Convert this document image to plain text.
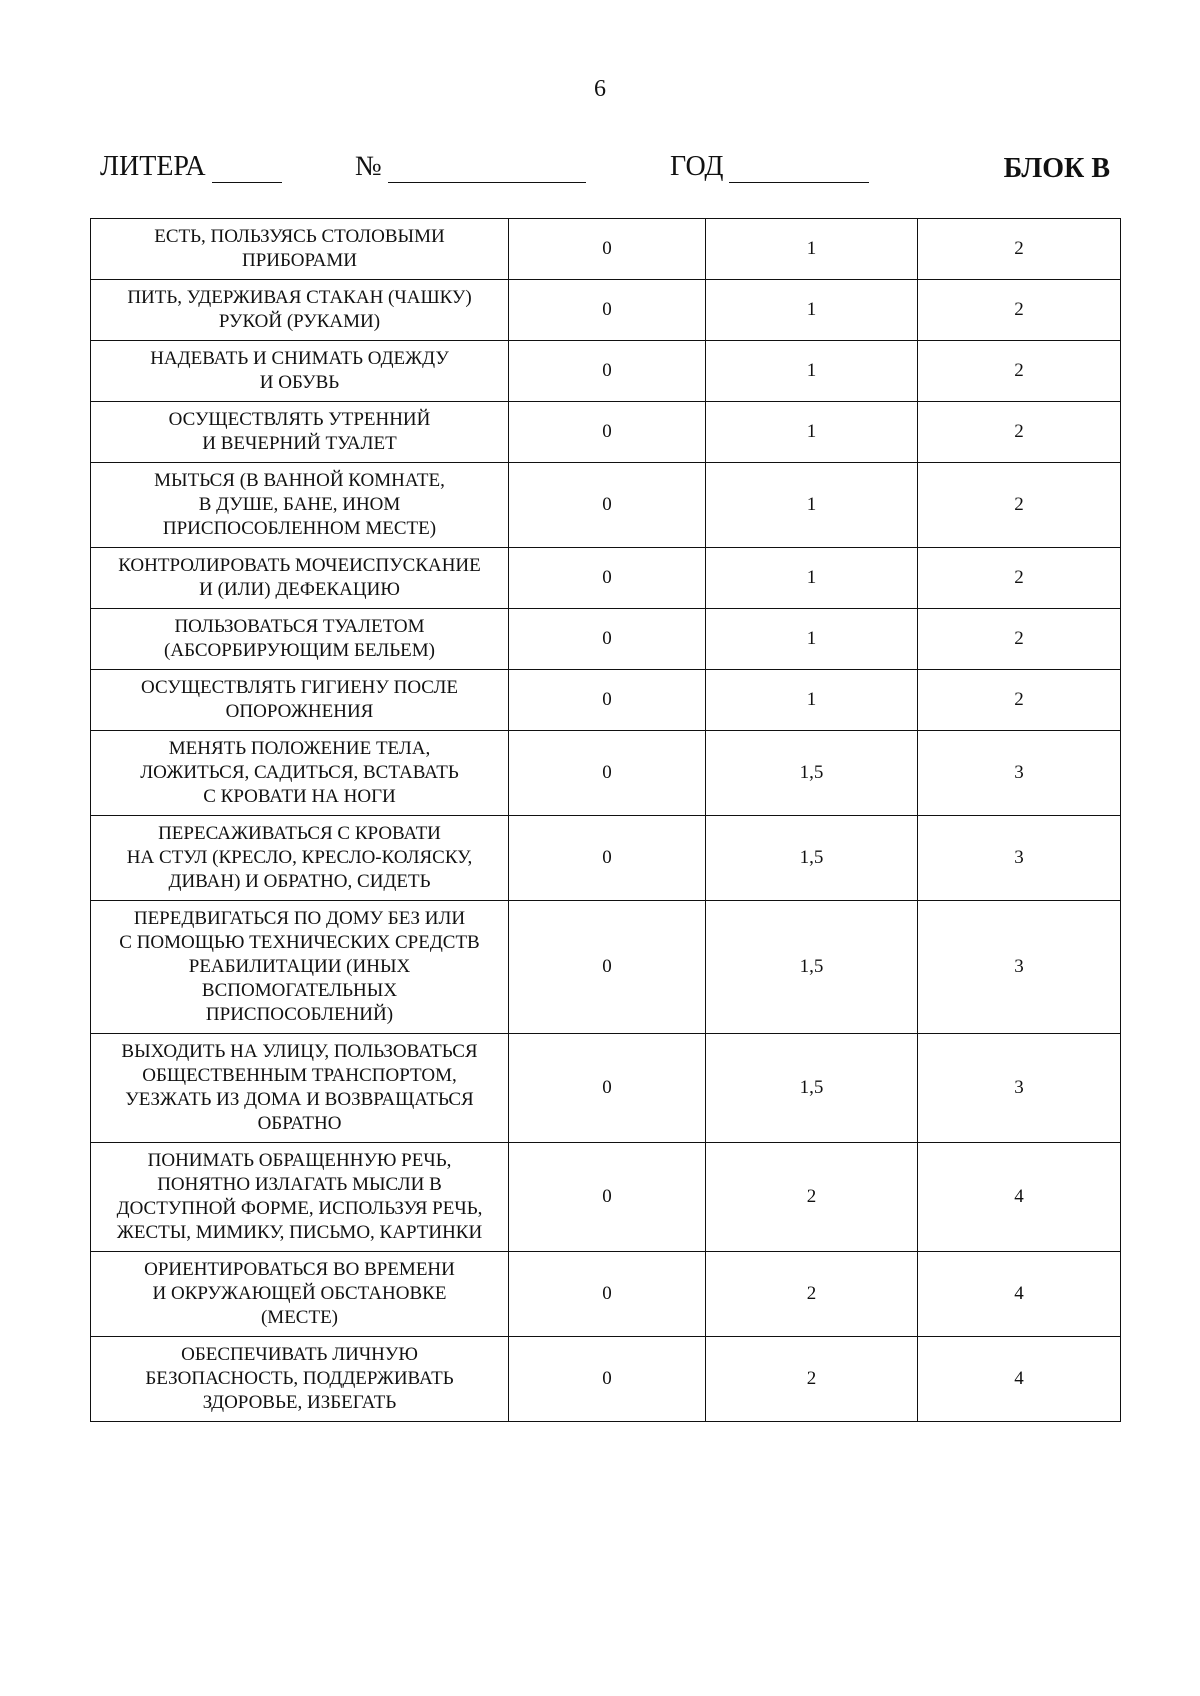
6
ЛИТЕРА	№	ГОД	БЛОК В
ЕСТЬ, ПОЛЬЗУЯСЬ СТОЛОВЫМИ
ПРИБОРАМИ	0	1	2
ПИТЬ, УДЕРЖИВАЯ СТАКАН (ЧАШКУ)
РУКОЙ (РУКАМИ)	0	1	2
НАДЕВАТЬ И СНИМАТЬ ОДЕЖДУ
И ОБУВЬ	0	1	2
ОСУЩЕСТВЛЯТЬ УТРЕННИЙ
И ВЕЧЕРНИЙ ТУАЛЕТ	0	1	2
МЫТЬСЯ (В ВАННОЙ КОМНАТЕ,
В ДУШЕ, БАНЕ, ИНОМ
ПРИСПОСОБЛЕННОМ МЕСТЕ)	0	1	2
КОНТРОЛИРОВАТЬ МОЧЕИСПУСКАНИЕ
И (ИЛИ) ДЕФЕКАЦИЮ	0	1	2
ПОЛЬЗОВАТЬСЯ ТУАЛЕТОМ
(АБСОРБИРУЮЩИМ БЕЛЬЕМ)	0	1	2
ОСУЩЕСТВЛЯТЬ ГИГИЕНУ ПОСЛЕ
ОПОРОЖНЕНИЯ	0	1	2
МЕНЯТЬ ПОЛОЖЕНИЕ ТЕЛА,
ЛОЖИТЬСЯ, САДИТЬСЯ, ВСТАВАТЬ
С КРОВАТИ НА НОГИ	0	1,5	3
ПЕРЕСАЖИВАТЬСЯ С КРОВАТИ
НА СТУЛ (КРЕСЛО, КРЕСЛО-КОЛЯСКУ,
ДИВАН) И ОБРАТНО, СИДЕТЬ	0	1,5	3
ПЕРЕДВИГАТЬСЯ ПО ДОМУ БЕЗ ИЛИ
С ПОМОЩЬЮ ТЕХНИЧЕСКИХ СРЕДСТВ
РЕАБИЛИТАЦИИ (ИНЫХ
ВСПОМОГАТЕЛЬНЫХ
ПРИСПОСОБЛЕНИЙ)	0	1,5	3
ВЫХОДИТЬ НА УЛИЦУ, ПОЛЬЗОВАТЬСЯ
ОБЩЕСТВЕННЫМ ТРАНСПОРТОМ,
УЕЗЖАТЬ ИЗ ДОМА И ВОЗВРАЩАТЬСЯ
ОБРАТНО	0	1,5	3
ПОНИМАТЬ ОБРАЩЕННУЮ РЕЧЬ,
ПОНЯТНО ИЗЛАГАТЬ МЫСЛИ В
ДОСТУПНОЙ ФОРМЕ, ИСПОЛЬЗУЯ РЕЧЬ,
ЖЕСТЫ, МИМИКУ, ПИСЬМО, КАРТИНКИ	0	2	4
ОРИЕНТИРОВАТЬСЯ ВО ВРЕМЕНИ
И ОКРУЖАЮЩЕЙ ОБСТАНОВКЕ
(МЕСТЕ)	0	2	4
ОБЕСПЕЧИВАТЬ ЛИЧНУЮ
БЕЗОПАСНОСТЬ, ПОДДЕРЖИВАТЬ
ЗДОРОВЬЕ, ИЗБЕГАТЬ	0	2	4
